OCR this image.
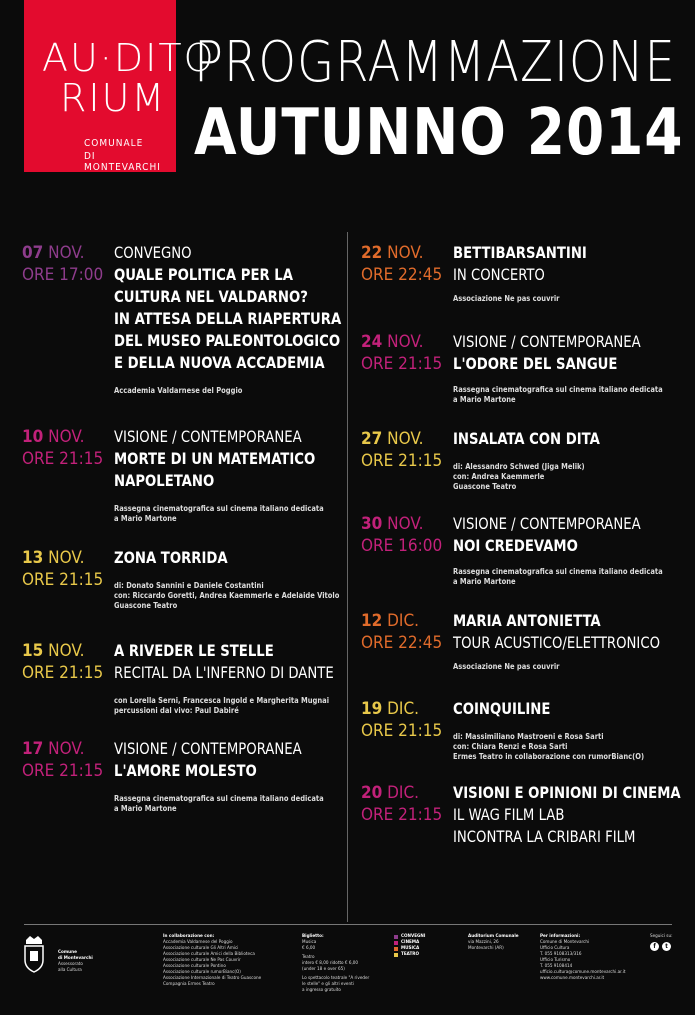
AU·DITO
RIUM
COMUNALE
DI MONTEVARCHI
PROGRAMMAZIONE
AUTUNNO 2014
07 NOV.
ORE 17:00
CONVEGNO
QUALE POLITICA PER LA
CULTURA NEL VALDARNO?
IN ATTESA DELLA RIAPERTURA
DEL MUSEO PALEONTOLOGICO
E DELLA NUOVA ACCADEMIA
Accademia Valdarnese del Poggio
10 NOV.
ORE 21:15
VISIONE / CONTEMPORANEA
MORTE DI UN MATEMATICO
NAPOLETANO
Rassegna cinematografica sul cinema italiano dedicata
a Mario Martone
13 NOV.
ORE 21:15
ZONA TORRIDA
di: Donato Sannini e Daniele Costantini
con: Riccardo Goretti, Andrea Kaemmerle e Adelaide Vitolo
Guascone Teatro
15 NOV.
ORE 21:15
A RIVEDER LE STELLE
RECITAL DA L'INFERNO DI DANTE
con Lorella Serni, Francesca Ingold e Margherita Mugnai
percussioni dal vivo: Paul Dabiré
17 NOV.
ORE 21:15
VISIONE / CONTEMPORANEA
L'AMORE MOLESTO
Rassegna cinematografica sul cinema italiano dedicata
a Mario Martone
22 NOV.
ORE 22:45
BETTIBARSANTINI
IN CONCERTO
Associazione Ne pas couvrir
24 NOV.
ORE 21:15
VISIONE / CONTEMPORANEA
L'ODORE DEL SANGUE
Rassegna cinematografica sul cinema italiano dedicata
a Mario Martone
27 NOV.
ORE 21:15
INSALATA CON DITA
di: Alessandro Schwed (Jiga Melik)
con: Andrea Kaemmerle
Guascone Teatro
30 NOV.
ORE 16:00
VISIONE / CONTEMPORANEA
NOI CREDEVAMO
Rassegna cinematografica sul cinema italiano dedicata
a Mario Martone
12 DIC.
ORE 22:45
MARIA ANTONIETTA
TOUR ACUSTICO/ELETTRONICO
Associazione Ne pas couvrir
19 DIC.
ORE 21:15
COINQUILINE
di: Massimiliano Mastroeni e Rosa Sarti
con: Chiara Renzi e Rosa Sarti
Ermes Teatro in collaborazione con rumorBianc(O)
20 DIC.
ORE 21:15
VISIONI E OPINIONI DI CINEMA
IL WAG FILM LAB
INCONTRA LA CRIBARI FILM
Comune
di Montevarchi
Assessorato
alla Cultura
In collaborazione con:
Accademia Valdarnese del Poggio
Associazione culturale Gli Altri Amici
Associazione culturale Amici della Biblioteca
Associazione culturale Ne Pas Couvrir
Associazione culturale Pontino
Associazione culturale rumorBianc(O)
Associazione Internazionale di Teatro Guascone
Compagnia Ermes Teatro
Biglietto:
Musica
€ 6,00
Teatro
intero € 8,00 ridotto € 6,00
(under 18 e over 65)
Lo spettacolo teatrale "A riveder
le stelle" e gli altri eventi
a ingresso gratuito
CONVEGNI
CINEMA
MUSICA
TEATRO
Auditorium Comunale
via Mazzini, 26
Montevarchi (AR)
Per informazioni:
Comune di Montevarchi
Ufficio Cultura
T. 055 9108313/316
Ufficio Turismo
T. 055 9108414
ufficio.cultura@comune.montevarchi.ar.it
www.comune.montevarchi.ar.it
Seguici su:
f	t
